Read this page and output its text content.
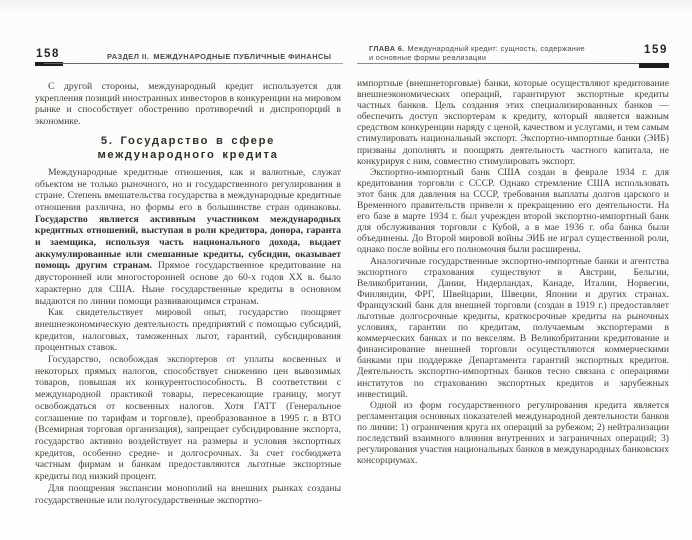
158	РАЗДЕЛ II. МЕЖДУНАРОДНЫЕ ПУБЛИЧНЫЕ ФИНАНСЫ

С другой стороны, международный кредит используется для укрепления позиций иностранных инвесторов в конкуренции на мировом рынке и способствует обострению противоречий и диспропорций в экономике.

5. Государство в сфере
международного кредита

Международные кредитные отношения, как и валютные, служат объектом не только рыночного, но и государственного регулирования в стране. Степень вмешательства государства в международные кредитные отношения различна, но формы его в большинстве стран одинаковы. Государство является активным участником международных кредитных отношений, выступая в роли кредитора, донора, гаранта и заемщика, используя часть национального дохода, выдает аккумулированные или смешанные кредиты, субсидии, оказывает помощь другим странам. Прямое государственное кредитование на двусторонней или многосторонней основе до 60-х годов XX в. было характерно для США. Ныне государственные кредиты в основном выдаются по линии помощи развивающимся странам.

Как свидетельствует мировой опыт, государство поощряет внешнеэкономическую деятельность предприятий с помощью субсидий, кредитов, налоговых, таможенных льгот, гарантий, субсидирования процентных ставок.

Государство, освобождая экспортеров от уплаты косвенных и некоторых прямых налогов, способствует снижению цен вывозимых товаров, повышая их конкурентоспособность. В соответствии с международной практикой товары, пересекающие границу, могут освобождаться от косвенных налогов. Хотя ГАТТ (Генеральное соглашение по тарифам и торговле), преобразованное в 1995 г. в ВТО (Всемирная торговая организация), запрещает субсидирование экспорта, государство активно воздействует на размеры и условия экспортных кредитов, особенно средне- и долгосрочных. За счет госбюджета частным фирмам и банкам предоставляются льготные экспортные кредиты под низкий процент.

Для поощрения экспансии монополий на внешних рынках созданы государственные или полугосударственные экспортно-

ГЛАВА 6. Международный кредит: сущность, содержание
и основные формы реализации
159

импортные (внешнеторговые) банки, которые осуществляют кредитование внешнеэкономических операций, гарантируют экспортные кредиты частных банков. Цель создания этих специализированных банков — обеспечить доступ экспортерам к кредиту, который является важным средством конкуренции наряду с ценой, качеством и услугами, и тем самым стимулировать национальный экспорт. Экспортно-импортные банки (ЭИБ) призваны дополнять и поощрять деятельность частного капитала, не конкурируя с ним, совместно стимулировать экспорт.

Экспортно-импортный банк США создан в феврале 1934 г. для кредитования торговли с СССР. Однако стремление США использовать этот банк для давления на СССР, требования выплаты долгов царского и Временного правительств привели к прекращению его деятельности. На его базе в марте 1934 г. был учрежден второй экспортно-импортный банк для обслуживания торговли с Кубой, а в мае 1936 г. оба банка были объединены. До Второй мировой войны ЭИБ не играл существенной роли, однако после войны его полномочия были расширены.

Аналогичные государственные экспортно-импортные банки и агентства экспортного страхования существуют в Австрии, Бельгии, Великобритании, Дании, Нидерландах, Канаде, Италии, Норвегии, Финляндии, ФРГ, Швейцарии, Швеции, Японии и других странах. Французский банк для внешней торговли (создан в 1919 г.) предоставляет льготные долгосрочные кредиты, краткосрочные кредиты на рыночных условиях, гарантии по кредитам, получаемым экспортерами в коммерческих банках и по векселям. В Великобритании кредитование и финансирование внешней торговли осуществляются коммерческими банками при поддержке Департамента гарантий экспортных кредитов. Деятельность экспортно-импортных банков тесно связана с операциями институтов по страхованию экспортных кредитов и зарубежных инвестиций.

Одной из форм государственного регулирования кредита является регламентация основных показателей международной деятельности банков по линии: 1) ограничения круга их операций за рубежом; 2) нейтрализации последствий взаимного влияния внутренних и заграничных операций; 3) регулирования участия национальных банков в международных банковских консорциумах.
